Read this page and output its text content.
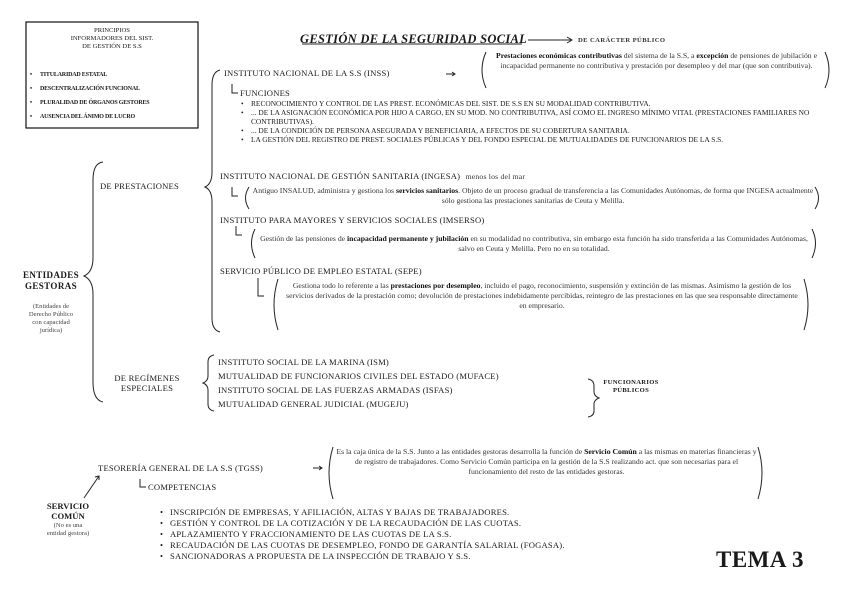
GESTIÓN DE LA SEGURIDAD SOCIAL	DE CARÁCTER PÚBLICO
PRINCIPIOS
INFORMADORES DEL SIST.
DE GESTIÓN DE S.S
• TITULARIDAD ESTATAL
• DESCENTRALIZACIÓN FUNCIONAL
• PLURALIDAD DE ÓRGANOS GESTORES
• AUSENCIA DEL ÁNIMO DE LUCRO
ENTIDADES
GESTORAS
(Entidades de
Derecho Público
con capacidad
jurídica)
DE PRESTACIONES
DE REGÍMENES
ESPECIALES
INSTITUTO NACIONAL DE LA S.S (INSS)
Prestaciones económicas contributivas del sistema de la S.S, a excepción de pensiones de jubilación e incapacidad permanente no contributiva y prestación por desempleo y del mar (que son contributiva).
FUNCIONES
• RECONOCIMIENTO Y CONTROL DE LAS PREST. ECONÓMICAS DEL SIST. DE S.S EN SU MODALIDAD CONTRIBUTIVA.
• ... DE LA ASIGNACIÓN ECONÓMICA POR HIJO A CARGO, EN SU MOD. NO CONTRIBUTIVA, ASÍ COMO EL INGRESO MÍNIMO VITAL (PRESTACIONES FAMILIARES NO CONTRIBUTIVAS).
• ... DE LA CONDICIÓN DE PERSONA ASEGURADA Y BENEFICIARIA, A EFECTOS DE SU COBERTURA SANITARIA.
• LA GESTIÓN DEL REGISTRO DE PREST. SOCIALES PÚBLICAS Y DEL FONDO ESPECIAL DE MUTUALIDADES DE FUNCIONARIOS DE LA S.S.
INSTITUTO NACIONAL DE GESTIÓN SANITARIA (INGESA) menos los del mar
Antiguo INSALUD, administra y gestiona los servicios sanitarios. Objeto de un proceso gradual de transferencia a las Comunidades Autónomas, de forma que INGESA actualmente sólo gestiona las prestaciones sanitarias de Ceuta y Melilla.
INSTITUTO PARA MAYORES Y SERVICIOS SOCIALES (IMSERSO)
Gestión de las pensiones de incapacidad permanente y jubilación en su modalidad no contributiva, sin embargo esta función ha sido transferida a las Comunidades Autónomas, salvo en Ceuta y Melilla. Pero no en su totalidad.
SERVICIO PÚBLICO DE EMPLEO ESTATAL (SEPE)
Gestiona todo lo referente a las prestaciones por desempleo, incluido el pago, reconocimiento, suspensión y extinción de las mismas. Asimismo la gestión de los servicios derivados de la prestación como; devolución de prestaciones indebidamente percibidas, reintegro de las prestaciones en las que sea responsable directamente en empresario.
INSTITUTO SOCIAL DE LA MARINA (ISM)
MUTUALIDAD DE FUNCIONARIOS CIVILES DEL ESTADO (MUFACE)
INSTITUTO SOCIAL DE LAS FUERZAS ARMADAS (ISFAS)
MUTUALIDAD GENERAL JUDICIAL (MUGEJU)
FUNCIONARIOS
PÚBLICOS
TESORERÍA GENERAL DE LA S.S (TGSS)
Es la caja única de la S.S. Junto a las entidades gestoras desarrolla la función de Servicio Común a las mismas en materias financieras y de registro de trabajadores. Como Servicio Común participa en la gestión de la S.S realizando act. que son necesarias para el funcionamiento del resto de las entidades gestoras.
COMPETENCIAS
SERVICIO
COMÚN
(No es una
entidad gestora)
• INSCRIPCIÓN DE EMPRESAS, Y AFILIACIÓN, ALTAS Y BAJAS DE TRABAJADORES.
• GESTIÓN Y CONTROL DE LA COTIZACIÓN Y DE LA RECAUDACIÓN DE LAS CUOTAS.
• APLAZAMIENTO Y FRACCIONAMIENTO DE LAS CUOTAS DE LA S.S.
• RECAUDACIÓN DE LAS CUOTAS DE DESEMPLEO, FONDO DE GARANTÍA SALARIAL (FOGASA).
• SANCIONADORAS A PROPUESTA DE LA INSPECCIÓN DE TRABAJO Y S.S.	TEMA 3
